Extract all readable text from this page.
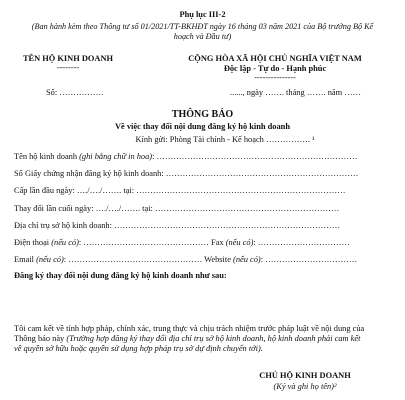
Phụ lục III-2
(Ban hành kèm theo Thông tư số 01/2021/TT-BKHĐT ngày 16 tháng 03 năm 2021 của Bộ trưởng Bộ Kế
hoạch và Đầu tư)
TÊN HỘ KINH DOANH
--------
CỘNG HÒA XÃ HỘI CHỦ NGHĨA VIỆT NAM
Độc lập - Tự do - Hạnh phúc
---------------
Số: …………….	......, ngày ……. tháng ……. năm ……
THÔNG BÁO
Về việc thay đổi nội dung đăng ký hộ kinh doanh
Kính gửi: Phòng Tài chính - Kế hoạch ……………. ¹
Tên hộ kinh doanh (ghi bằng chữ in hoa): ………………………………………………………………
Số Giấy chứng nhận đăng ký hộ kinh doanh: ……………………………………………………………
Cấp lần đầu ngày: …./…./……. tại: …………………………………………………………………
Thay đổi lần cuối ngày: …./…./……. tại: …………………………………………………………
Địa chỉ trụ sở hộ kinh doanh: ………………………………………………………………………
Điện thoại (nếu có): ……………………………………… Fax (nếu có): ……………………………
Email (nếu có): ………………………………………… Website (nếu có): ……………………………
Đăng ký thay đổi nội dung đăng ký hộ kinh doanh như sau:
Tôi cam kết về tính hợp pháp, chính xác, trung thực và chịu trách nhiệm trước pháp luật về nội dung của
Thông báo này (Trường hợp đăng ký thay đổi địa chỉ trụ sở hộ kinh doanh, hộ kinh doanh phải cam kết
về quyền sở hữu hoặc quyền sử dụng hợp pháp trụ sở dự định chuyển tới).
CHỦ HỘ KINH DOANH
(Ký và ghi họ tên)²
